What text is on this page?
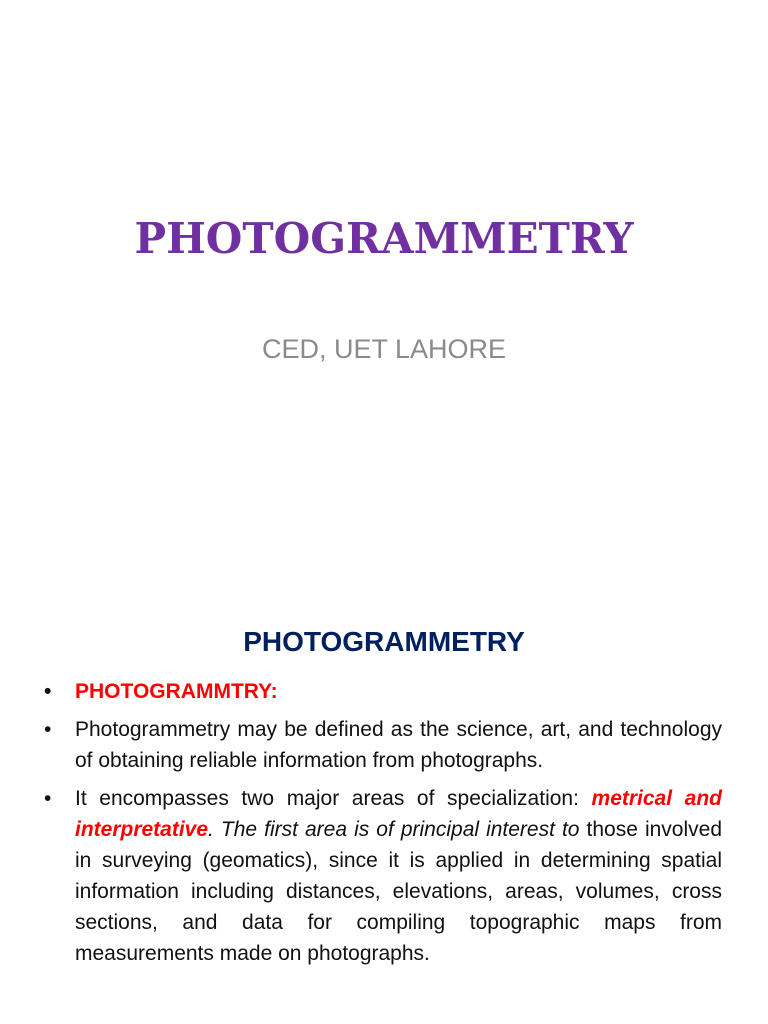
PHOTOGRAMMETRY
CED, UET LAHORE
PHOTOGRAMMETRY
• PHOTOGRAMMTRY:
• Photogrammetry may be defined as the science, art, and technology of obtaining reliable information from photographs.
• It encompasses two major areas of specialization: metrical and interpretative. The first area is of principal interest to those involved in surveying (geomatics), since it is applied in determining spatial information including distances, elevations, areas, volumes, cross sections, and data for compiling topographic maps from measurements made on photographs.
